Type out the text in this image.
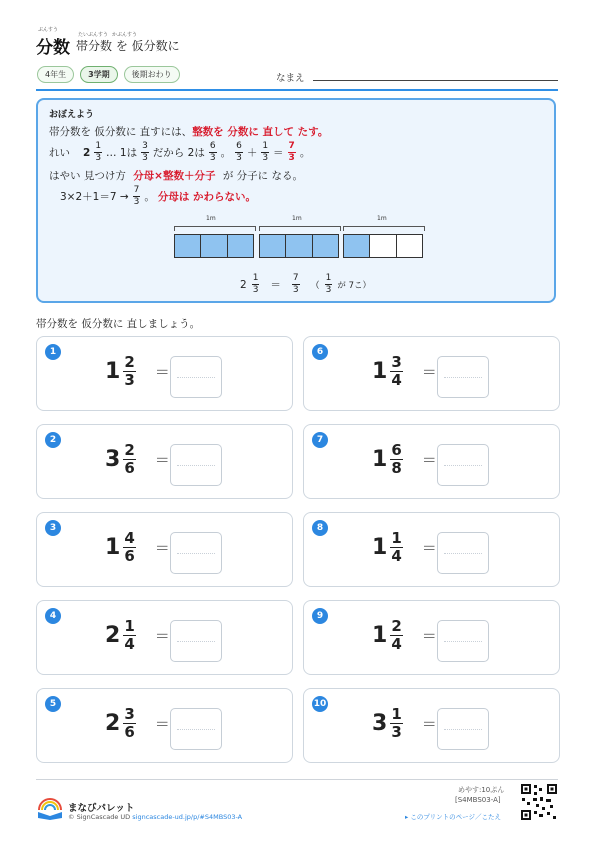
分数
ぶんすう
帯分数 を 仮分数に
たいぶんすう かぶんすう
4年生	3学期	後期おわり	なまえ
おぼえよう
帯分数を 仮分数に 直すには、整数を 分数に 直して たす。
れい $2 \frac{1}{3}$ … 1は $\frac{3}{3}$ だから 2は $\frac{6}{3}$ 。 $\frac{6}{3} + \frac{1}{3} = \frac{7}{3}$ 。
はやい 見つけ方 分母×整数＋分子 が 分子に なる。
$3\times 2+1=7 \to \frac{7}{3}$ 。 分母は かわらない。
1m	1m	1m
$2 \frac{1}{3} = \frac{7}{3}$ （ $\frac{1}{3}$ が 7こ）
帯分数を 仮分数に 直しましょう。
1
$1 \frac{2}{3}$ ＝
2
$3 \frac{2}{6}$ ＝
3
$1 \frac{4}{6}$ ＝
4
$2 \frac{1}{4}$ ＝
5
$2 \frac{3}{6}$ ＝
6
$1 \frac{3}{4}$ ＝
7
$1 \frac{6}{8}$ ＝
8
$1 \frac{1}{4}$ ＝
9
$1 \frac{2}{4}$ ＝
10
$3 \frac{1}{3}$ ＝
まなびパレット
© SignCascade UD signcascade-ud.jp/p/#S4MBS03-A
めやす:10ぷん
[S4MBS03-A]
▸ このプリントのページ／こたえ
